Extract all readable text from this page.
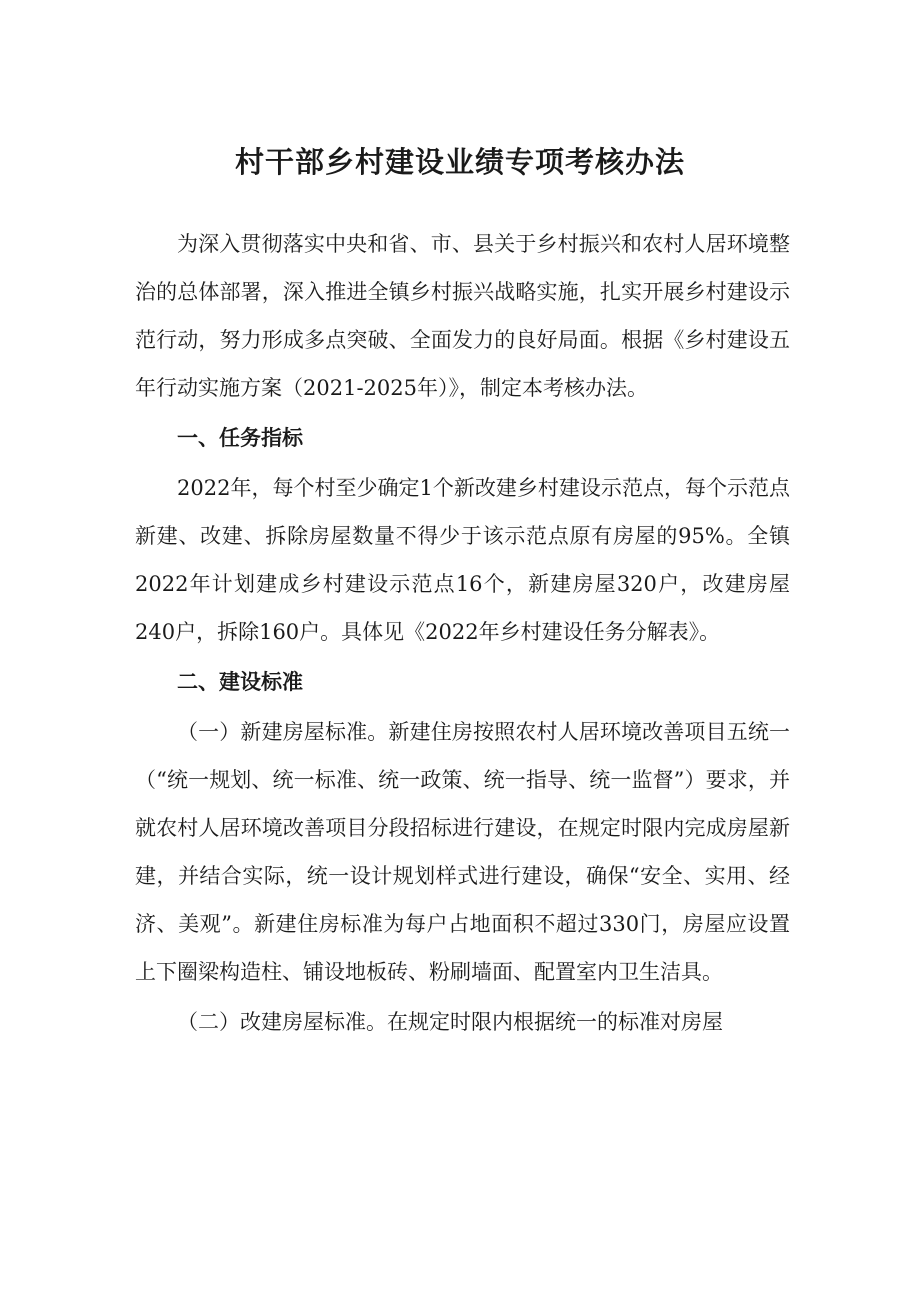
村干部乡村建设业绩专项考核办法

为深入贯彻落实中央和省、市、县关于乡村振兴和农村人居环境整治的总体部署，深入推进全镇乡村振兴战略实施，扎实开展乡村建设示范行动，努力形成多点突破、全面发力的良好局面。根据《乡村建设五年行动实施方案（2021-2025年）》，制定本考核办法。

一、任务指标

2022年，每个村至少确定1个新改建乡村建设示范点，每个示范点新建、改建、拆除房屋数量不得少于该示范点原有房屋的95%。全镇2022年计划建成乡村建设示范点16个，新建房屋320户，改建房屋240户，拆除160户。具体见《2022年乡村建设任务分解表》。

二、建设标准

（一）新建房屋标准。新建住房按照农村人居环境改善项目五统一（“统一规划、统一标准、统一政策、统一指导、统一监督”）要求，并就农村人居环境改善项目分段招标进行建设，在规定时限内完成房屋新建，并结合实际，统一设计规划样式进行建设，确保“安全、实用、经济、美观”。新建住房标准为每户占地面积不超过330门，房屋应设置上下圈梁构造柱、铺设地板砖、粉刷墙面、配置室内卫生洁具。

（二）改建房屋标准。在规定时限内根据统一的标准对房屋
